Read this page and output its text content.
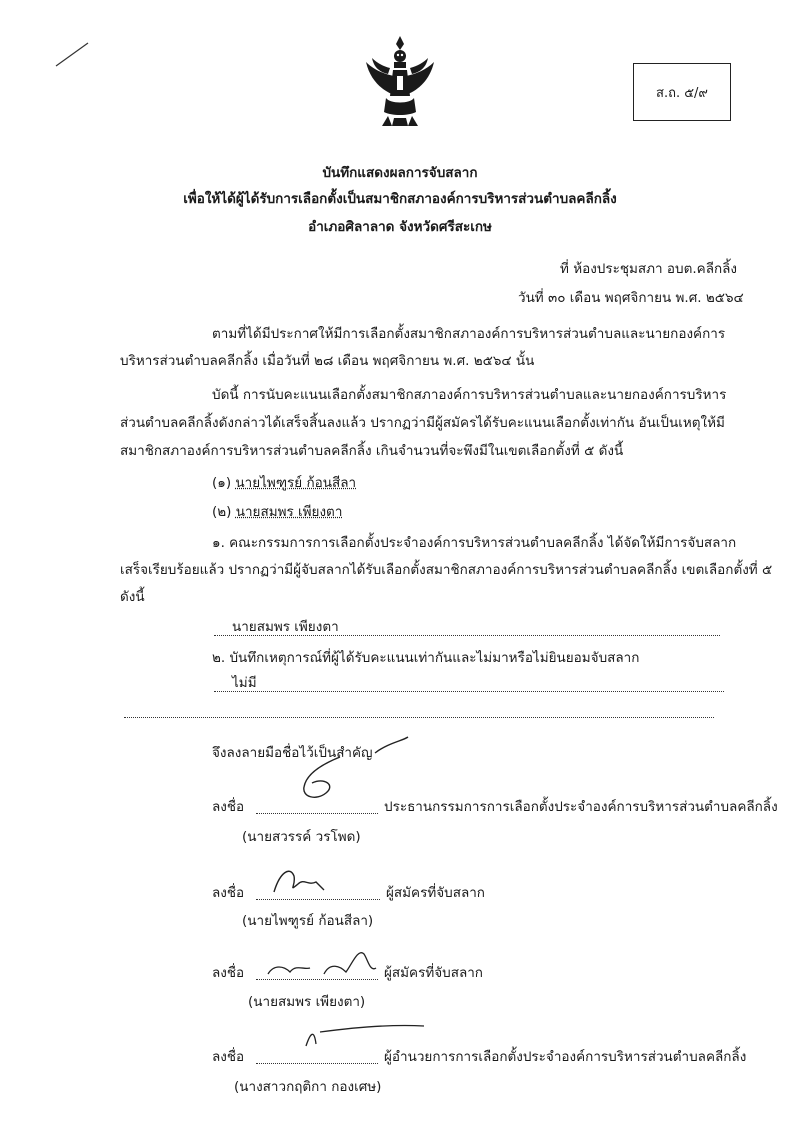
ส.ถ. ๕/๙
บันทึกแสดงผลการจับสลาก
เพื่อให้ได้ผู้ได้รับการเลือกตั้งเป็นสมาชิกสภาองค์การบริหารส่วนตำบลคลีกลิ้ง
อำเภอศิลาลาด จังหวัดศรีสะเกษ
ที่ ห้องประชุมสภา อบต.คลีกลิ้ง
วันที่ ๓๐ เดือน พฤศจิกายน พ.ศ. ๒๕๖๔
ตามที่ได้มีประกาศให้มีการเลือกตั้งสมาชิกสภาองค์การบริหารส่วนตำบลและนายกองค์การ
บริหารส่วนตำบลคลีกลิ้ง เมื่อวันที่ ๒๘ เดือน พฤศจิกายน พ.ศ. ๒๕๖๔ นั้น
บัดนี้ การนับคะแนนเลือกตั้งสมาชิกสภาองค์การบริหารส่วนตำบลและนายกองค์การบริหาร
ส่วนตำบลคลีกลิ้งดังกล่าวได้เสร็จสิ้นลงแล้ว ปรากฏว่ามีผู้สมัครได้รับคะแนนเลือกตั้งเท่ากัน อันเป็นเหตุให้มี
สมาชิกสภาองค์การบริหารส่วนตำบลคลีกลิ้ง เกินจำนวนที่จะพึงมีในเขตเลือกตั้งที่ ๕ ดังนี้
(๑) นายไพฑูรย์ ก้อนสีลา
(๒) นายสมพร เพียงตา
๑. คณะกรรมการการเลือกตั้งประจำองค์การบริหารส่วนตำบลคลีกลิ้ง ได้จัดให้มีการจับสลาก
เสร็จเรียบร้อยแล้ว ปรากฏว่ามีผู้จับสลากได้รับเลือกตั้งสมาชิกสภาองค์การบริหารส่วนตำบลคลีกลิ้ง เขตเลือกตั้งที่ ๕
ดังนี้
นายสมพร เพียงตา
๒. บันทึกเหตุการณ์ที่ผู้ได้รับคะแนนเท่ากันและไม่มาหรือไม่ยินยอมจับสลาก
ไม่มี
จึงลงลายมือชื่อไว้เป็นสำคัญ
ลงชื่อ	ประธานกรรมการการเลือกตั้งประจำองค์การบริหารส่วนตำบลคลีกลิ้ง
(นายสวรรค์ วรโพด)
ลงชื่อ	ผู้สมัครที่จับสลาก
(นายไพฑูรย์ ก้อนสีลา)
ลงชื่อ	ผู้สมัครที่จับสลาก
(นายสมพร เพียงตา)
ลงชื่อ	ผู้อำนวยการการเลือกตั้งประจำองค์การบริหารส่วนตำบลคลีกลิ้ง
(นางสาวกฤติกา กองเศษ)
